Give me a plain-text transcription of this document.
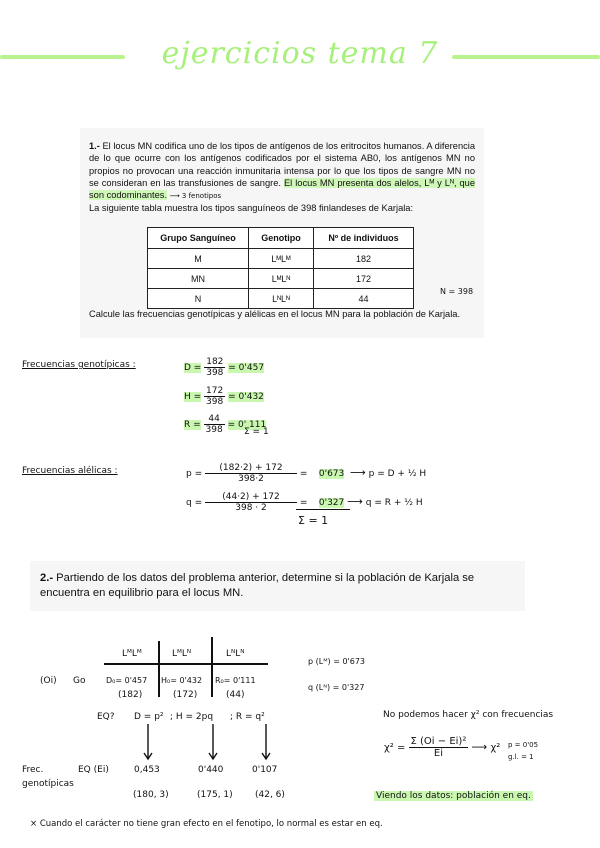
ejercicios tema 7
1.- El locus MN codifica uno de los tipos de antígenos de los eritrocitos humanos. A diferencia de lo que ocurre con los antígenos codificados por el sistema AB0, los antígenos MN no propios no provocan una reacción inmunitaria intensa por lo que los tipos de sangre MN no se consideran en las transfusiones de sangre. El locus MN presenta dos alelos, Lᴹ y Lᴺ, que son codominantes. ⟶ 3 fenotipos
La siguiente tabla muestra los tipos sanguíneos de 398 finlandeses de Karjala:
Grupo Sanguíneo	Genotipo	Nº de individuos
M	LᴹLᴹ	182
MN	LᴹLᴺ	172
N	LᴺLᴺ	44
N = 398
Calcule las frecuencias genotípicas y alélicas en el locus MN para la población de Karjala.
Frecuencias genotípicas :	$D = \frac{182}{398} = 0'457$
$H = \frac{172}{398} = 0'432$
$R = \frac{44}{398} = 0'$ 111
Σ = 1
Frecuencias alélicas :	$p = \frac{(182\cdot 2) + 172}{398\cdot 2} = 0'673$ ⟶ p = D + ½ H
$q = \frac{(44\cdot 2) + 172}{398 \cdot 2} = 0'327$ ⟶ q = R + ½ H
Σ = 1
2.- Partiendo de los datos del problema anterior, determine si la población de Karjala se encuentra en equilibrio para el locus MN.
LᴹLᴹ	LᴹLᴺ	LᴺLᴺ
(Oi) Go	D₀= 0'457 H₀= 0'432 R₀= 0'111
(182)	(172)	(44)
p (Lᴹ) = 0'673
q (Lᴺ) = 0'327
EQ? D = p² ; H = 2pq ; R = q²
Frec. genotípicas
EQ (Ei)	0,453	0'440	0'107
(180, 3)	(175, 1) (42, 6)
No podemos hacer χ² con frecuencias
$\chi^2 = \frac{\text{Σ (Oi − Ei)²}}{Ei}$ ⟶ χ² p = 0'05
g.l. = 1
Viendo los datos: población en eq.
× Cuando el carácter no tiene gran efecto en el fenotipo, lo normal es estar en eq.
